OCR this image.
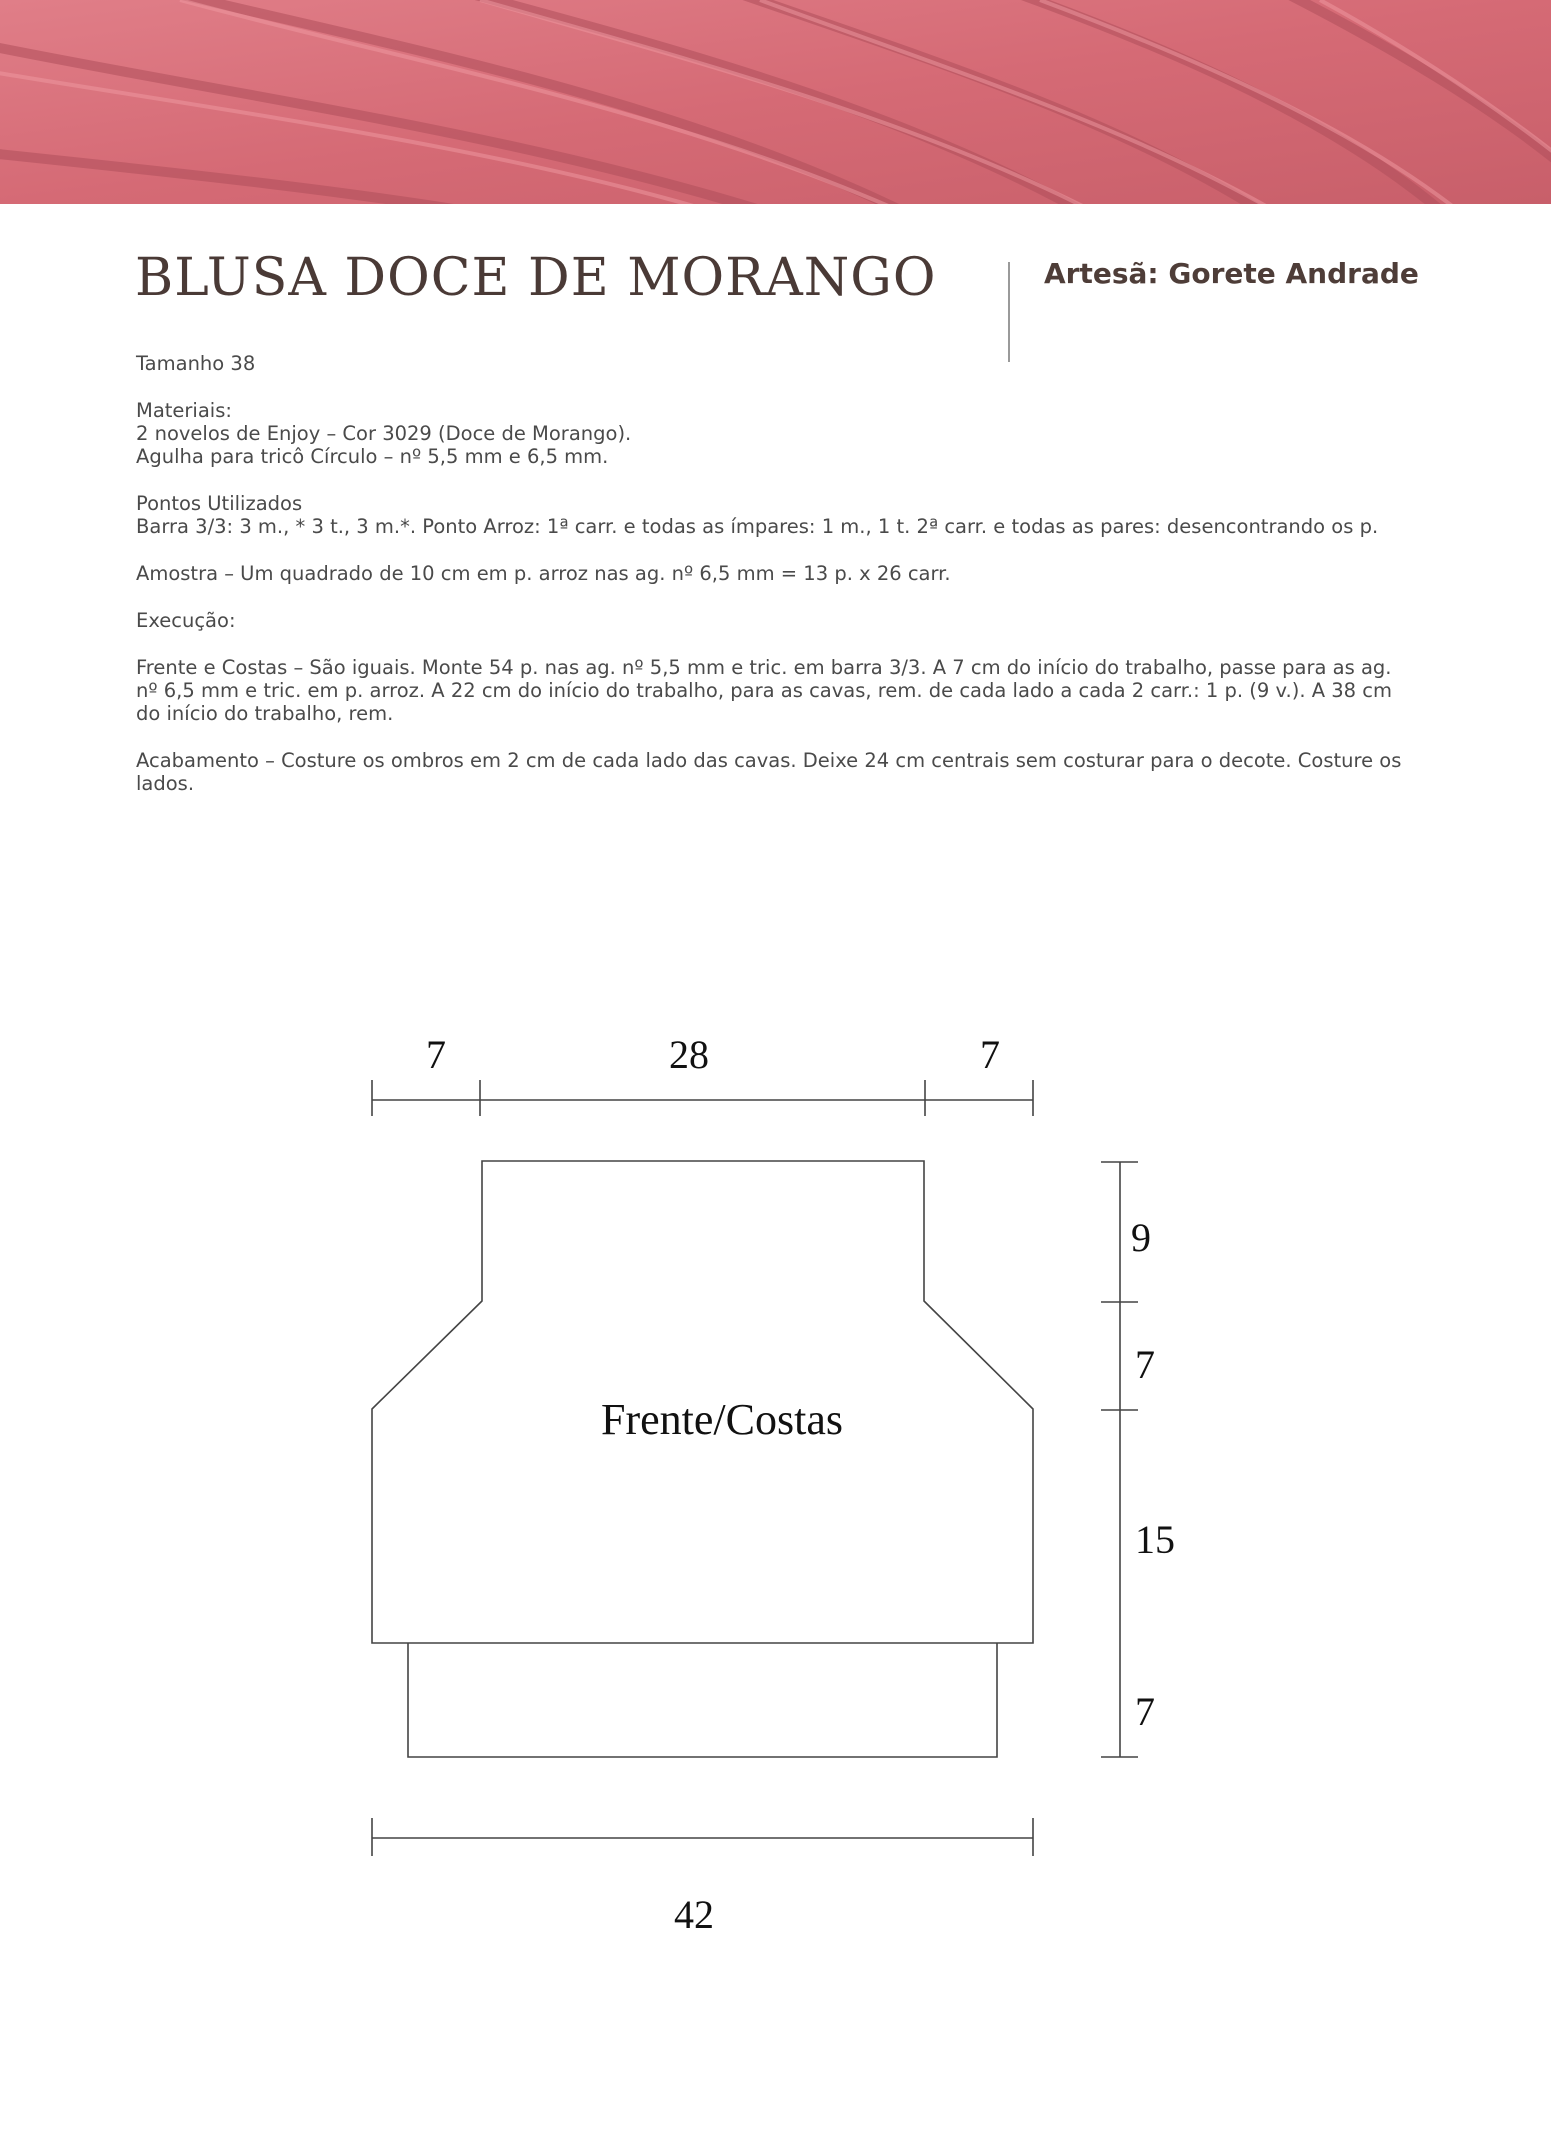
BLUSA DOCE DE MORANGO	Artesã: Gorete Andrade

Tamanho 38

Materiais:
2 novelos de Enjoy – Cor 3029 (Doce de Morango).
Agulha para tricô Círculo – nº 5,5 mm e 6,5 mm.

Pontos Utilizados
Barra 3/3: 3 m., * 3 t., 3 m.*. Ponto Arroz: 1ª carr. e todas as ímpares: 1 m., 1 t. 2ª carr. e todas as pares: desencontrando os p.

Amostra – Um quadrado de 10 cm em p. arroz nas ag. nº 6,5 mm = 13 p. x 26 carr.

Execução:

Frente e Costas – São iguais. Monte 54 p. nas ag. nº 5,5 mm e tric. em barra 3/3. A 7 cm do início do trabalho, passe para as ag. nº 6,5 mm e tric. em p. arroz. A 22 cm do início do trabalho, para as cavas, rem. de cada lado a cada 2 carr.: 1 p. (9 v.). A 38 cm do início do trabalho, rem.

Acabamento – Costure os ombros em 2 cm de cada lado das cavas. Deixe 24 cm centrais sem costurar para o decote. Costure os lados.

7	28	7
9
7
15
7
Frente/Costas
42
